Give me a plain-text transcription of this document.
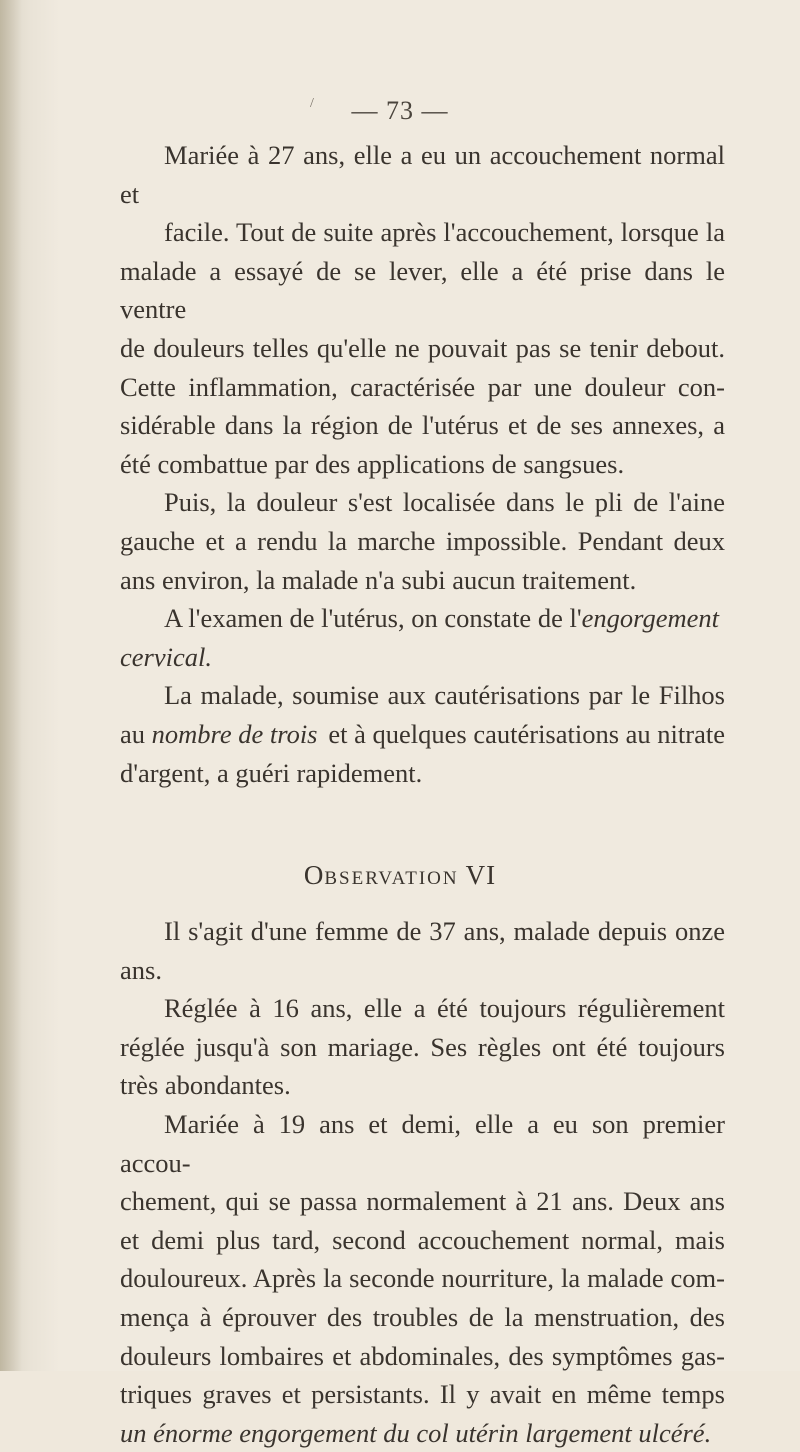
/	— 73 —
Mariée à 27 ans, elle a eu un accouchement normal et
facile. Tout de suite après l'accouchement, lorsque la
malade a essayé de se lever, elle a été prise dans le ventre
de douleurs telles qu'elle ne pouvait pas se tenir debout.
Cette inflammation, caractérisée par une douleur con-
sidérable dans la région de l'utérus et de ses annexes, a
été combattue par des applications de sangsues.
Puis, la douleur s'est localisée dans le pli de l'aine
gauche et a rendu la marche impossible. Pendant deux
ans environ, la malade n'a subi aucun traitement.
A l'examen de l'utérus, on constate de l'engorgement
cervical.
La malade, soumise aux cautérisations par le Filhos
au nombre de trois et à quelques cautérisations au nitrate
d'argent, a guéri rapidement.
OBSERVATION VI
Il s'agit d'une femme de 37 ans, malade depuis onze
ans.
Réglée à 16 ans, elle a été toujours régulièrement
réglée jusqu'à son mariage. Ses règles ont été toujours
très abondantes.
Mariée à 19 ans et demi, elle a eu son premier accou-
chement, qui se passa normalement à 21 ans. Deux ans
et demi plus tard, second accouchement normal, mais
douloureux. Après la seconde nourriture, la malade com-
mença à éprouver des troubles de la menstruation, des
douleurs lombaires et abdominales, des symptômes gas-
triques graves et persistants. Il y avait en même temps
un énorme engorgement du col utérin largement ulcéré.
